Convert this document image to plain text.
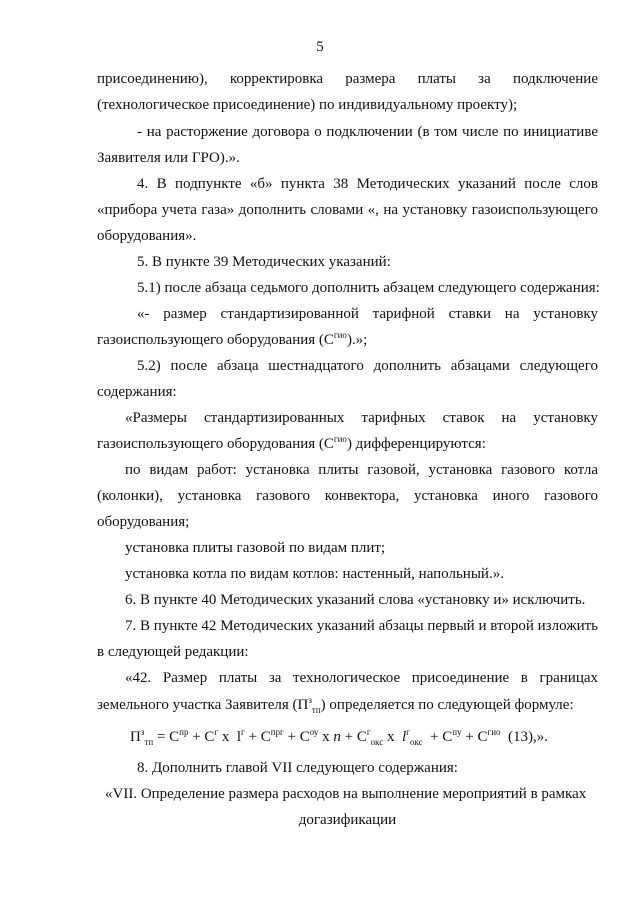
5
присоединению), корректировка размера платы за подключение
(технологическое присоединение) по индивидуальному проекту);
- на расторжение договора о подключении (в том числе по инициативе
Заявителя или ГРО).».
4. В подпункте «б» пункта 38 Методических указаний после слов
«прибора учета газа» дополнить словами «, на установку газоиспользующего
оборудования».
5. В пункте 39 Методических указаний:
5.1) после абзаца седьмого дополнить абзацем следующего содержания:
«- размер стандартизированной тарифной ставки на установку
газоиспользующего оборудования $(С^{гио})$.»;
5.2) после абзаца шестнадцатого дополнить абзацами следующего
содержания:
«Размеры стандартизированных тарифных ставок на установку
газоиспользующего оборудования $(С^{гио})$ дифференцируются:
по видам работ: установка плиты газовой, установка газового котла
(колонки), установка газового конвектора, установка иного газового
оборудования;
установка плиты газовой по видам плит;
установка котла по видам котлов: настенный, напольный.».
6. В пункте 40 Методических указаний слова «установку и» исключить.
7. В пункте 42 Методических указаний абзацы первый и второй изложить
в следующей редакции:
«42. Размер платы за технологическое присоединение в границах
земельного участка Заявителя $(П^з_{тп})$ определяется по следующей формуле:
$П^з_{тп} = С^{пр} + С^г$ х  $l^г + С^{прг} + С^{оу}$ х $n + С^г_{окс}$ х  $l^г_{окс} + С^{пу} + С^{гио}$  (13),».
8. Дополнить главой VII следующего содержания:
«VII. Определение размера расходов на выполнение мероприятий в рамках
догазификации
